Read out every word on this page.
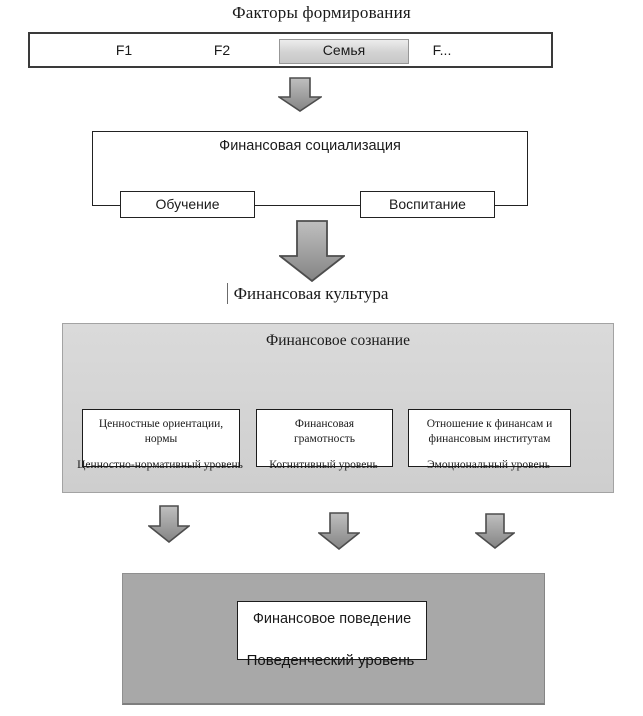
Факторы формирования
F1	F2	Семья	F...
Финансовая социализация
Обучение	Воспитание
Финансовая культура
Финансовое сознание
Ценностные ориентации,
нормы
Финансовая
грамотность
Отношение к финансам и
финансовым институтам
Ценностно-нормативный уровень	Когнитивный уровень	Эмоциональный уровень
Финансовое поведение
Поведенческий уровень
